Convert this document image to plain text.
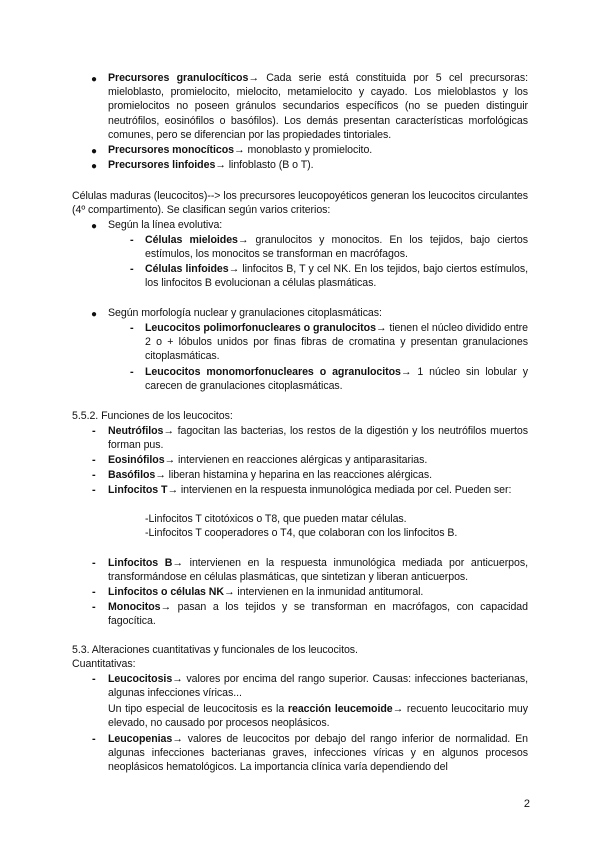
● Precursores granulocíticos→ Cada serie está constituida por 5 cel precursoras: mieloblasto, promielocito, mielocito, metamielocito y cayado. Los mieloblastos y los promielocitos no poseen gránulos secundarios específicos (no se pueden distinguir neutrófilos, eosinófilos o basófilos). Los demás presentan características morfológicas comunes, pero se diferencian por las propiedades tintoriales.
● Precursores monocíticos→ monoblasto y promielocito.
● Precursores linfoides→ linfoblasto (B o T).
Células maduras (leucocitos)--> los precursores leucopoyéticos generan los leucocitos circulantes (4º compartimento). Se clasifican según varios criterios:
● Según la línea evolutiva:
- Células mieloides→ granulocitos y monocitos. En los tejidos, bajo ciertos estímulos, los monocitos se transforman en macrófagos.
- Células linfoides→ linfocitos B, T y cel NK. En los tejidos, bajo ciertos estímulos, los linfocitos B evolucionan a células plasmáticas.
● Según morfología nuclear y granulaciones citoplasmáticas:
- Leucocitos polimorfonucleares o granulocitos→ tienen el núcleo dividido entre 2 o + lóbulos unidos por finas fibras de cromatina y presentan granulaciones citoplasmáticas.
- Leucocitos monomorfonucleares o agranulocitos→ 1 núcleo sin lobular y carecen de granulaciones citoplasmáticas.
5.5.2. Funciones de los leucocitos:
- Neutrófilos→ fagocitan las bacterias, los restos de la digestión y los neutrófilos muertos forman pus.
- Eosinófilos→ intervienen en reacciones alérgicas y antiparasitarias.
- Basófilos→ liberan histamina y heparina en las reacciones alérgicas.
- Linfocitos T→ intervienen en la respuesta inmunológica mediada por cel. Pueden ser:
-Linfocitos T citotóxicos o T8, que pueden matar células.
-Linfocitos T cooperadores o T4, que colaboran con los linfocitos B.
- Linfocitos B→ intervienen en la respuesta inmunológica mediada por anticuerpos, transformándose en células plasmáticas, que sintetizan y liberan anticuerpos.
- Linfocitos o células NK→ intervienen en la inmunidad antitumoral.
- Monocitos→ pasan a los tejidos y se transforman en macrófagos, con capacidad fagocítica.
5.3. Alteraciones cuantitativas y funcionales de los leucocitos.
Cuantitativas:
- Leucocitosis→ valores por encima del rango superior. Causas: infecciones bacterianas, algunas infecciones víricas...
Un tipo especial de leucocitosis es la reacción leucemoide→ recuento leucocitario muy elevado, no causado por procesos neoplásicos.
- Leucopenias→ valores de leucocitos por debajo del rango inferior de normalidad. En algunas infecciones bacterianas graves, infecciones víricas y en algunos procesos neoplásicos hematológicos. La importancia clínica varía dependiendo del
2
